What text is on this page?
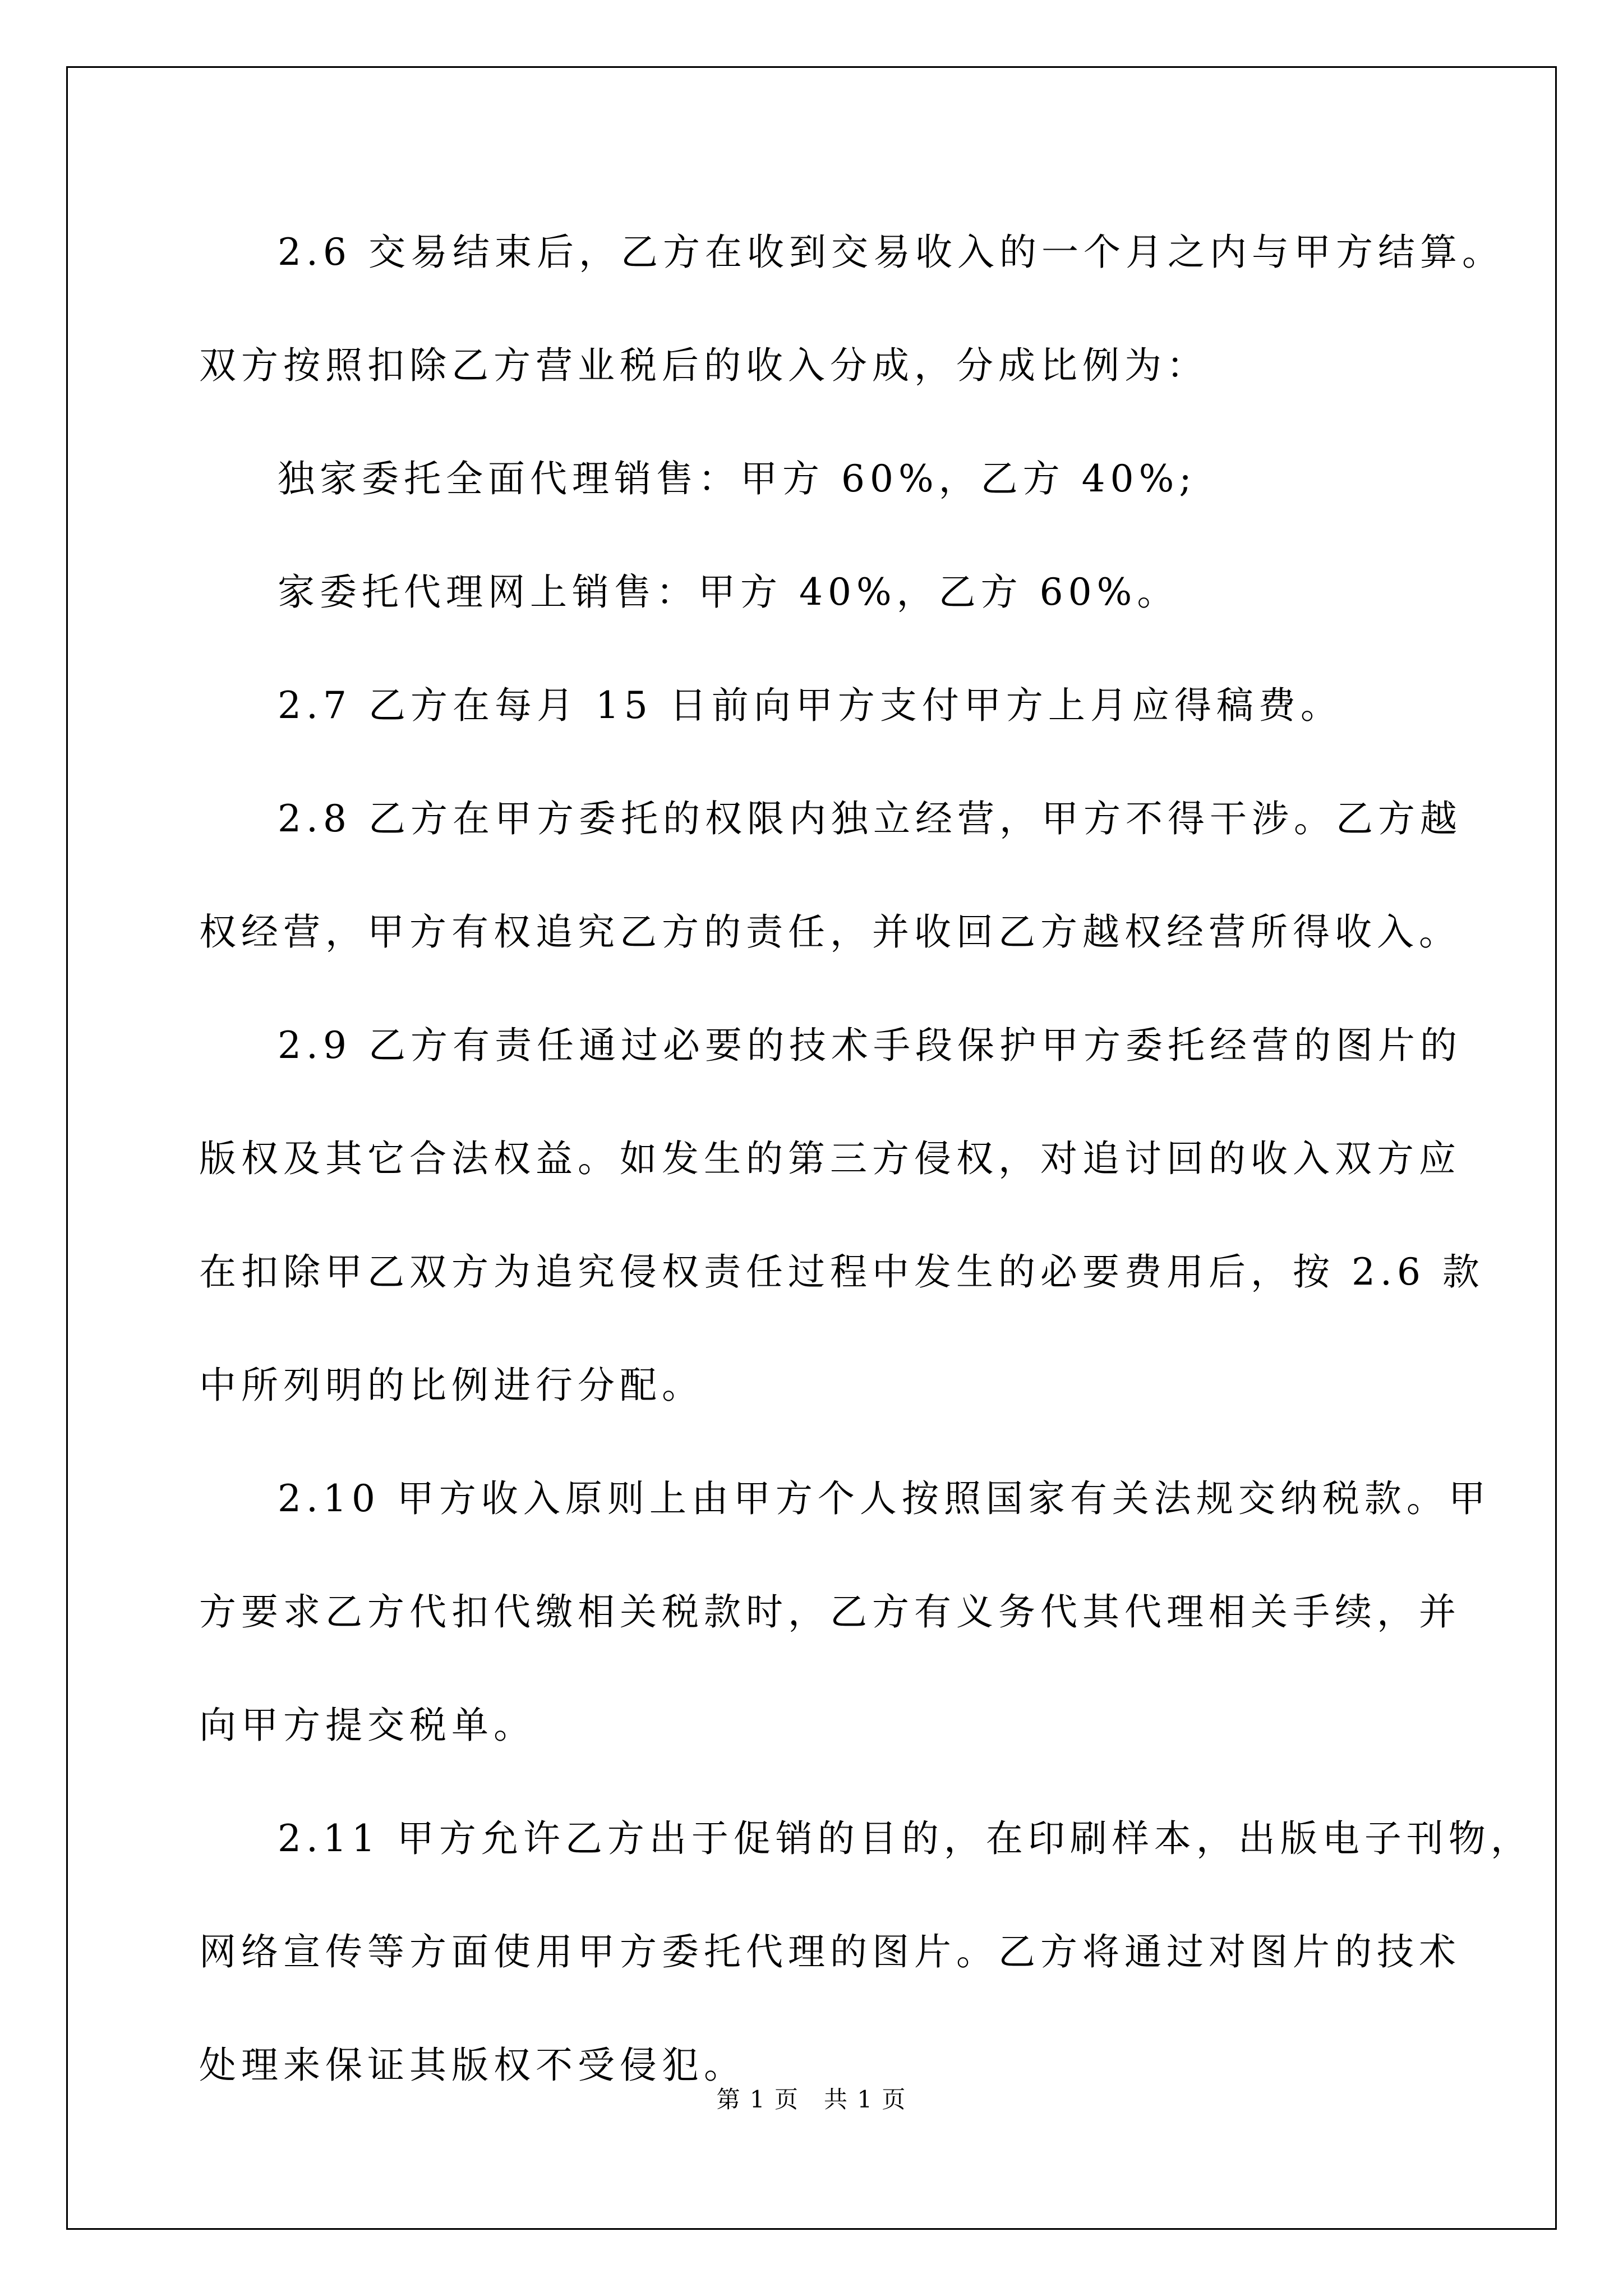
2.6 交易结束后，乙方在收到交易收入的一个月之内与甲方结算。
双方按照扣除乙方营业税后的收入分成，分成比例为：
独家委托全面代理销售：甲方 60%，乙方 40%;
家委托代理网上销售：甲方 40%，乙方 60%。
2.7 乙方在每月 15 日前向甲方支付甲方上月应得稿费。
2.8 乙方在甲方委托的权限内独立经营，甲方不得干涉。乙方越
权经营，甲方有权追究乙方的责任，并收回乙方越权经营所得收入。
2.9 乙方有责任通过必要的技术手段保护甲方委托经营的图片的
版权及其它合法权益。如发生的第三方侵权，对追讨回的收入双方应
在扣除甲乙双方为追究侵权责任过程中发生的必要费用后，按 2.6 款
中所列明的比例进行分配。
2.10 甲方收入原则上由甲方个人按照国家有关法规交纳税款。甲
方要求乙方代扣代缴相关税款时，乙方有义务代其代理相关手续，并
向甲方提交税单。
2.11 甲方允许乙方出于促销的目的，在印刷样本，出版电子刊物，
网络宣传等方面使用甲方委托代理的图片。乙方将通过对图片的技术
处理来保证其版权不受侵犯。
第 1 页　共 1 页
